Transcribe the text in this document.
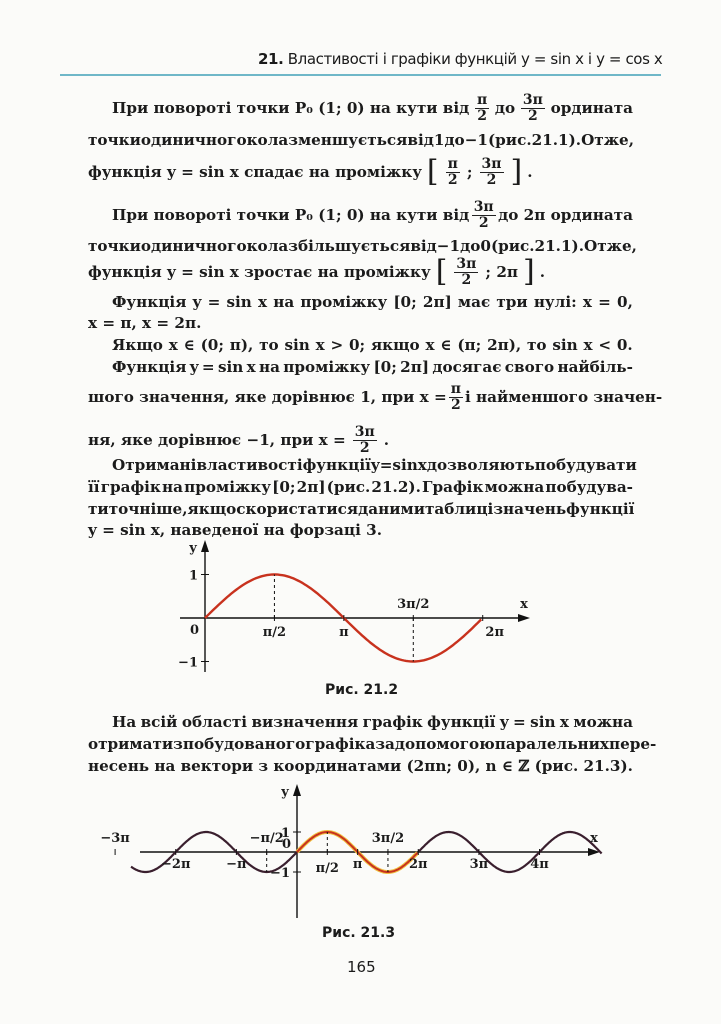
21. Властивості і графіки функцій y = sin x і y = cos x
При повороті точки P₀ (1; 0) на кути від $\frac{\pi}{2}$ до $\frac{3\pi}{2}$ ордината
точки одиничного кола зменшується від 1 до −1 (рис. 21.1). Отже,
функція y = sin x спадає на проміжку [ $\frac{\pi}{2}$ ; $\frac{3\pi}{2}$ ] .
При повороті точки P₀ (1; 0) на кути від $\frac{3\pi}{2}$ до 2π ордината
точки одиничного кола збільшується від −1 до 0 (рис. 21.1). Отже,
функція y = sin x зростає на проміжку [ $\frac{3\pi}{2}$ ; 2π ] .
Функція y = sin x на проміжку [0; 2π] має три нулі: x = 0,
x = π, x = 2π.
Якщо x ∈ (0; π), то sin x > 0; якщо x ∈ (π; 2π), то sin x < 0.
Функція y = sin x на проміжку [0; 2π] досягає свого найбіль-
шого значення, яке дорівнює 1, при $x = \frac{\pi}{2}$ і найменшого значен-
ня, яке дорівнює −1, при $x = \frac{3\pi}{2}$ .
Отримані властивості функції y = sin x дозволяють побудувати
її графік на проміжку [0; 2π] (рис. 21.2). Графік можна побудува-
ти точніше, якщо скористатися даними таблиці значень функції
y = sin x, наведеної на форзаці 3.
На всій області визначення графік функції y = sin x можна
отримати з побудованого графіка за допомогою паралельних пере-
несень на вектори з координатами (2πn; 0), n ∈ ℤ (рис. 21.3).
1
−1
0
y
x
π/2	π
3π/2
2π
1
−1
0
y
x
−3π
−2π	−π
−π/2
π/2 π
3π/2
2π	3π	4π
Рис. 21.2
Рис. 21.3
165
